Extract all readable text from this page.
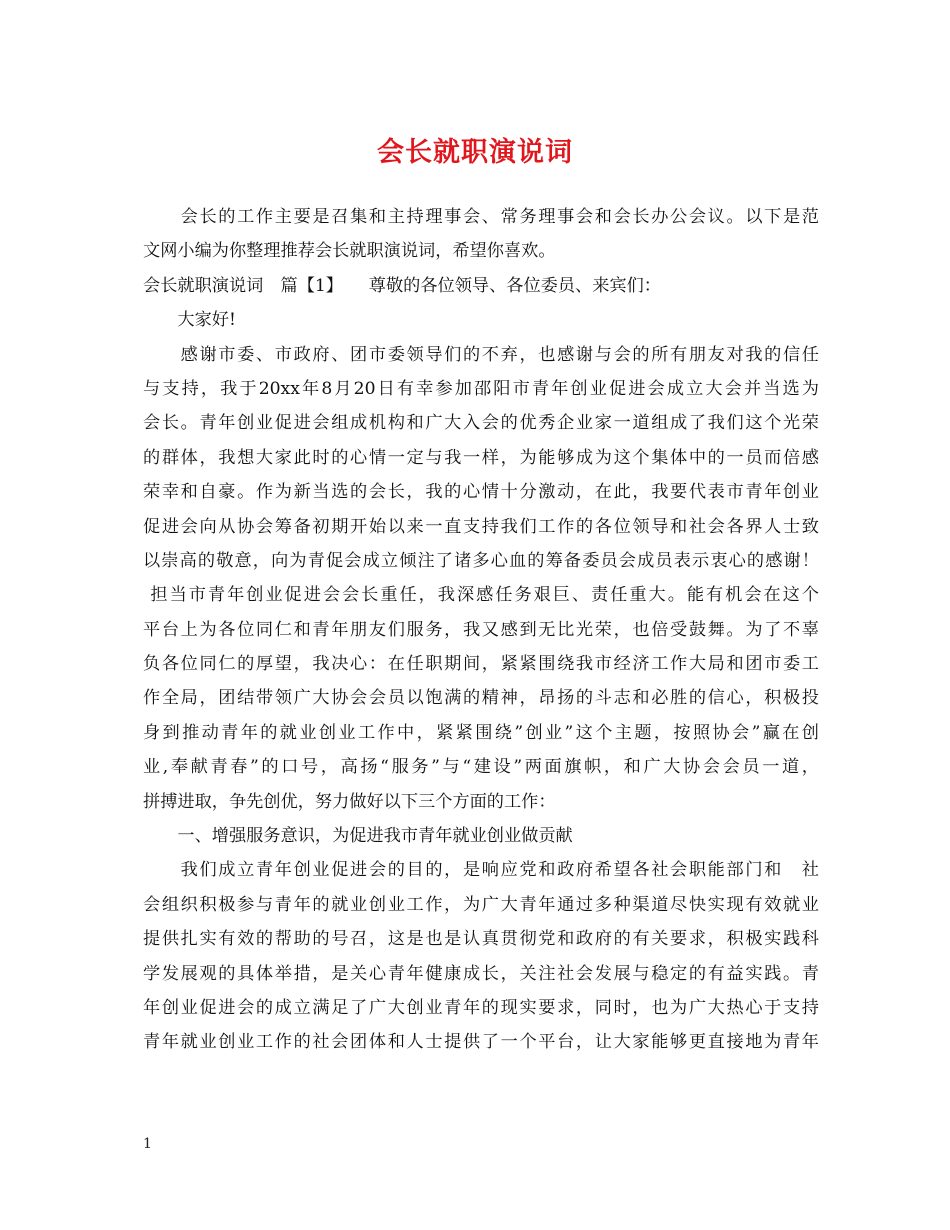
会长就职演说词
　　会长的工作主要是召集和主持理事会、常务理事会和会长办公会议。以下是范
文网小编为你整理推荐会长就职演说词，希望你喜欢。
会长就职演说词　篇【1】　　尊敬的各位领导、各位委员、来宾们：
　　大家好!
　　感谢市委、市政府、团市委领导们的不弃，也感谢与会的所有朋友对我的信任
与支持，我于20xx年8月20日有幸参加邵阳市青年创业促进会成立大会并当选为
会长。青年创业促进会组成机构和广大入会的优秀企业家一道组成了我们这个光荣
的群体，我想大家此时的心情一定与我一样，为能够成为这个集体中的一员而倍感
荣幸和自豪。作为新当选的会长，我的心情十分激动，在此，我要代表市青年创业
促进会向从协会筹备初期开始以来一直支持我们工作的各位领导和社会各界人士致
以崇高的敬意，向为青促会成立倾注了诸多心血的筹备委员会成员表示衷心的感谢！
担当市青年创业促进会会长重任，我深感任务艰巨、责任重大。能有机会在这个
平台上为各位同仁和青年朋友们服务，我又感到无比光荣，也倍受鼓舞。为了不辜
负各位同仁的厚望，我决心：在任职期间，紧紧围绕我市经济工作大局和团市委工
作全局，团结带领广大协会会员以饱满的精神，昂扬的斗志和必胜的信心，积极投
身到推动青年的就业创业工作中，紧紧围绕”创业”这个主题，按照协会”赢在创
业,奉献青春”的口号，高扬“服务”与“建设”两面旗帜，和广大协会会员一道，
拼搏进取，争先创优，努力做好以下三个方面的工作：
　　一、增强服务意识，为促进我市青年就业创业做贡献
　　我们成立青年创业促进会的目的，是响应党和政府希望各社会职能部门和　社
会组织积极参与青年的就业创业工作，为广大青年通过多种渠道尽快实现有效就业
提供扎实有效的帮助的号召，这是也是认真贯彻党和政府的有关要求，积极实践科
学发展观的具体举措，是关心青年健康成长，关注社会发展与稳定的有益实践。青
年创业促进会的成立满足了广大创业青年的现实要求，同时，也为广大热心于支持
青年就业创业工作的社会团体和人士提供了一个平台，让大家能够更直接地为青年
1
